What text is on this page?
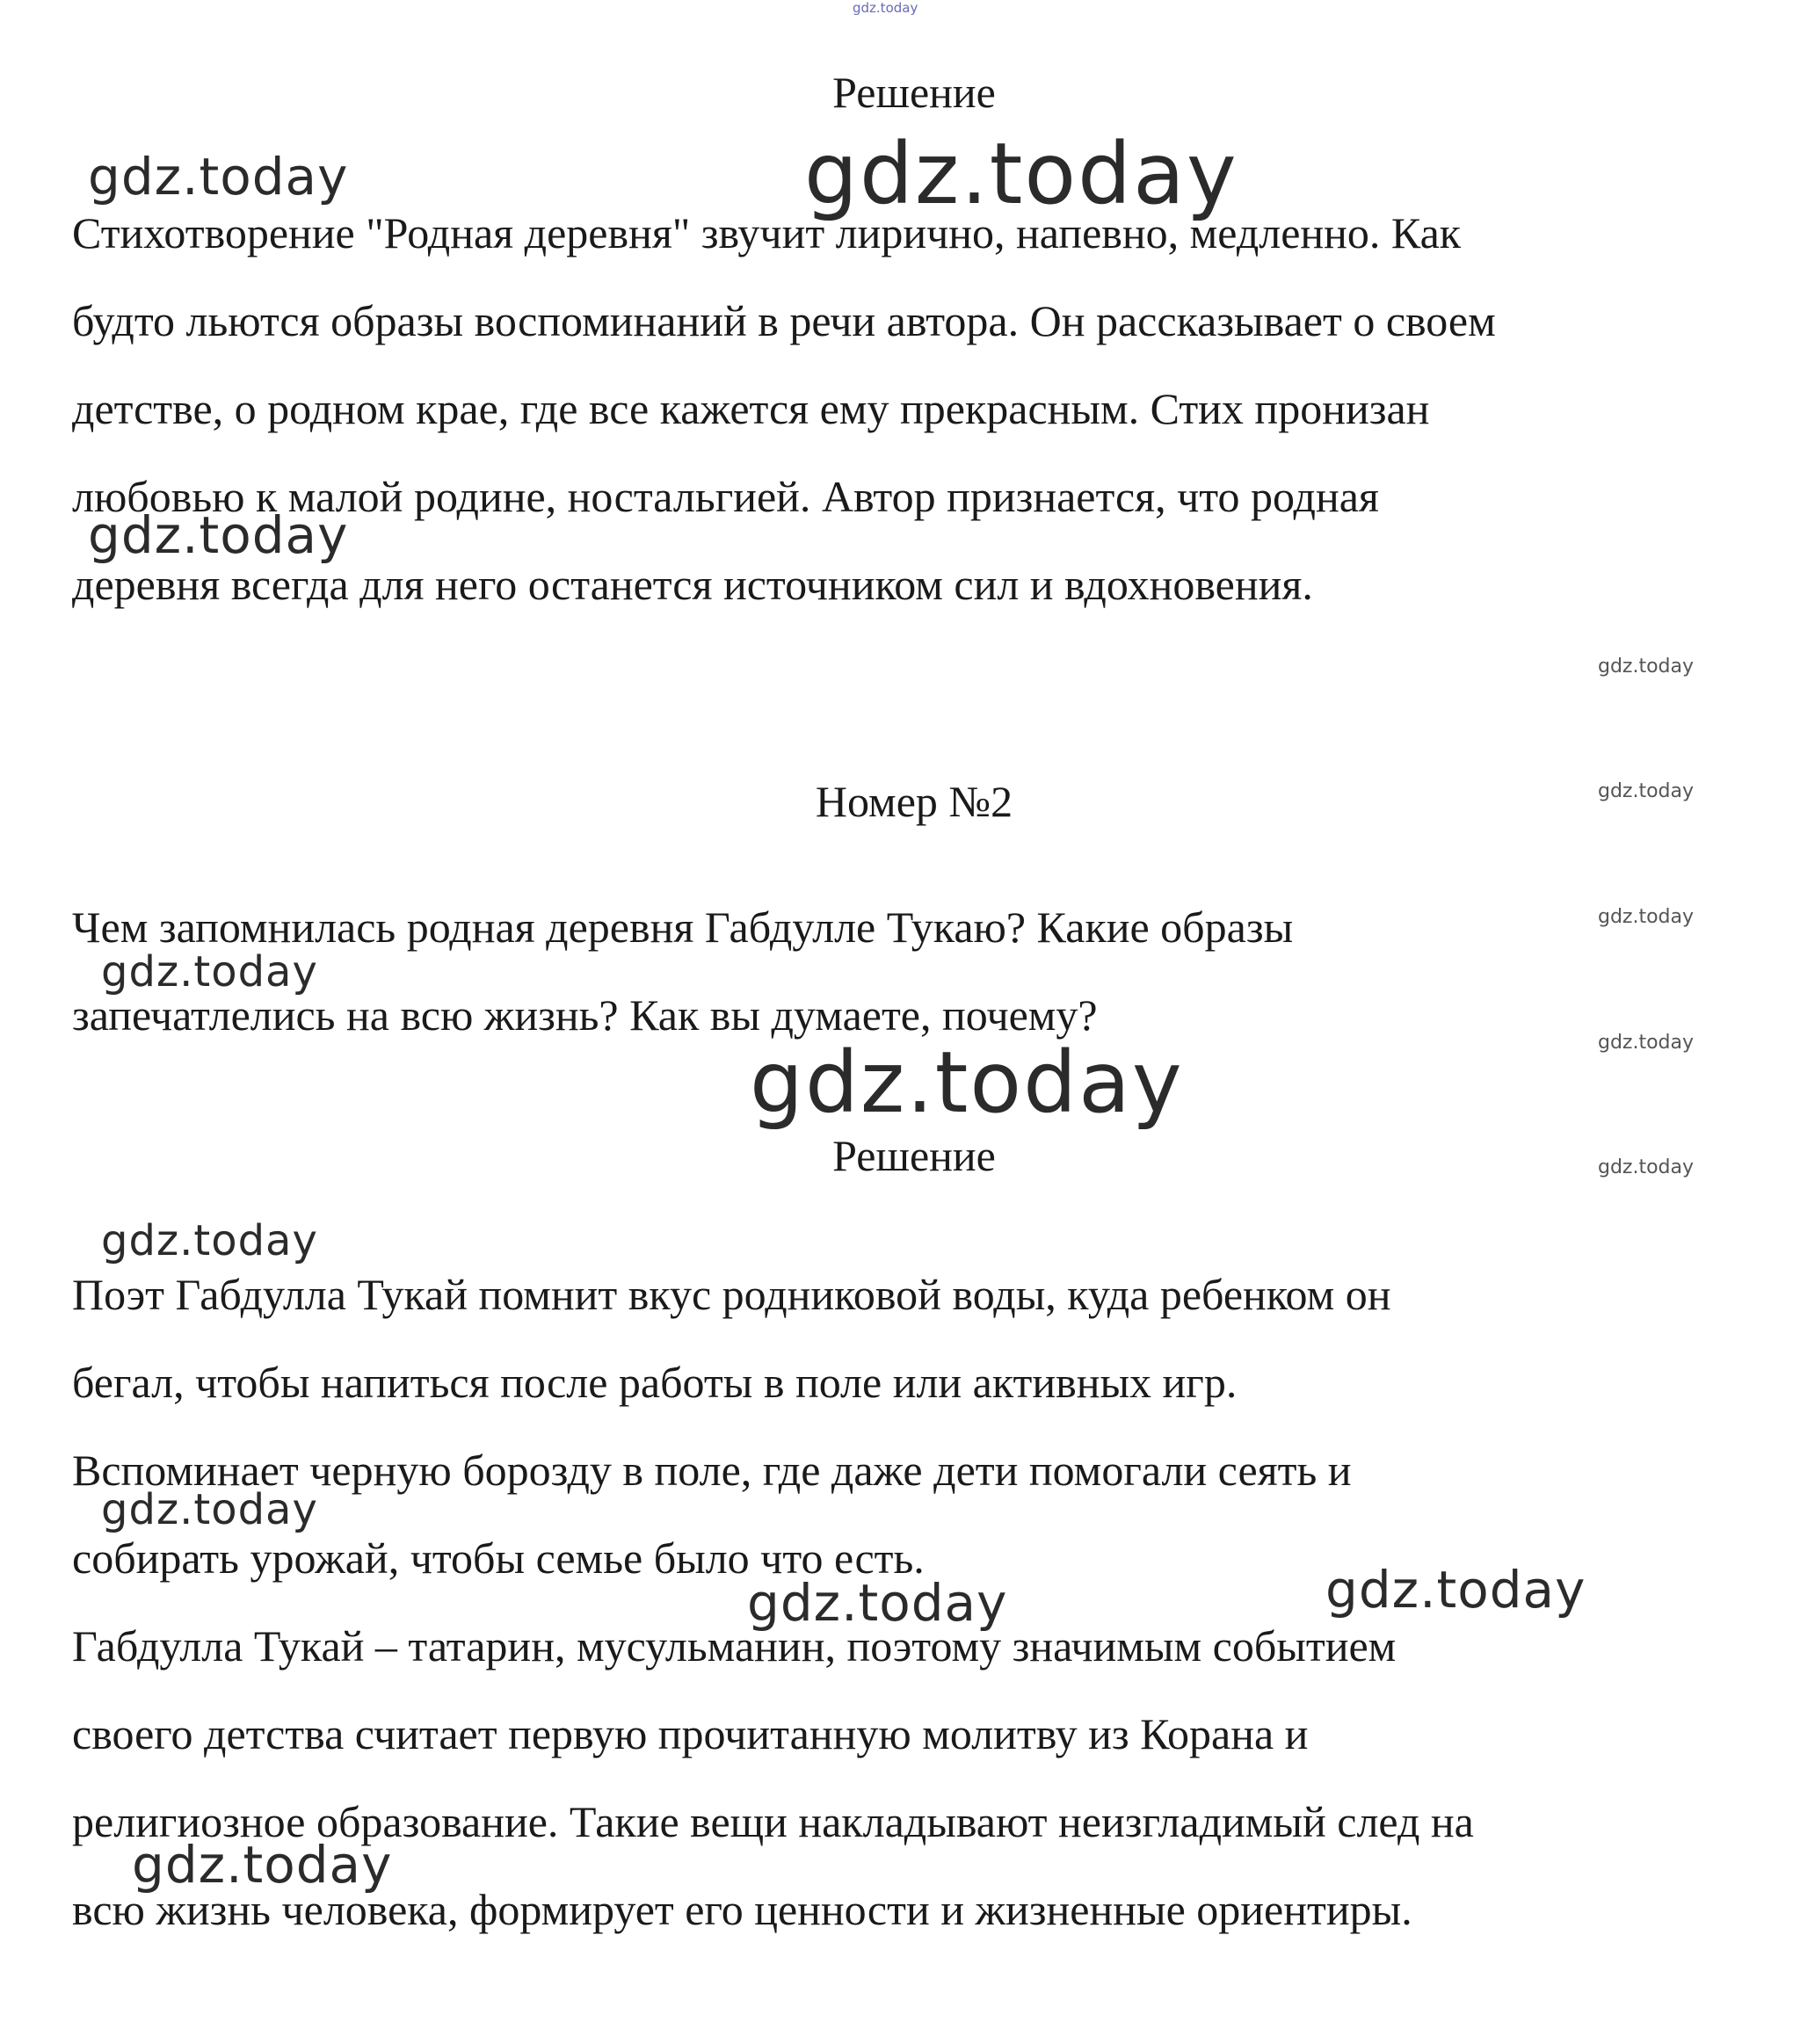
Решение
Стихотворение "Родная деревня" звучит лирично, напевно, медленно. Как
будто льются образы воспоминаний в речи автора. Он рассказывает о своем
детстве, о родном крае, где все кажется ему прекрасным. Стих пронизан
любовью к малой родине, ностальгией. Автор признается, что родная
деревня всегда для него останется источником сил и вдохновения.
Номер №2
Чем запомнилась родная деревня Габдулле Тукаю? Какие образы
запечатлелись на всю жизнь? Как вы думаете, почему?
Решение
Поэт Габдулла Тукай помнит вкус родниковой воды, куда ребенком он
бегал, чтобы напиться после работы в поле или активных игр.
Вспоминает черную борозду в поле, где даже дети помогали сеять и
собирать урожай, чтобы семье было что есть.
Габдулла Тукай – татарин, мусульманин, поэтому значимым событием
своего детства считает первую прочитанную молитву из Корана и
религиозное образование. Такие вещи накладывают неизгладимый след на
всю жизнь человека, формирует его ценности и жизненные ориентиры.
gdz.today
gdz.today
gdz.today
gdz.today
gdz.today
gdz.today
gdz.today
gdz.today
gdz.today
gdz.today
gdz.today
gdz.today
gdz.today
gdz.today
gdz.today
gdz.today
